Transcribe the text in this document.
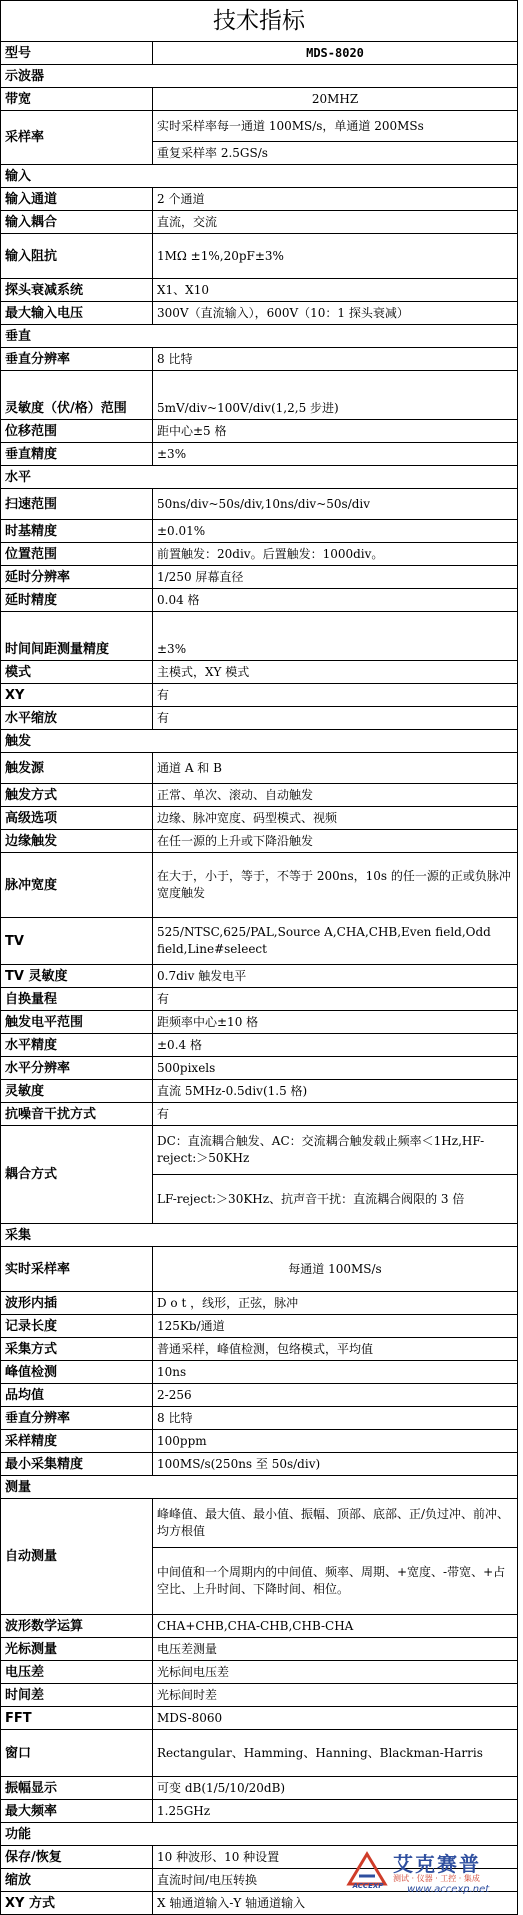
技术指标	
型号	MDS-8020
示波器	
带宽	20MHZ
采样率	实时采样率每一通道 100MS/s，单通道 200MSs
	重复采样率 2.5GS/s
输入	
输入通道	2 个通道
输入耦合	直流，交流
输入阻抗	1MΩ ±1%,20pF±3%
探头衰减系统	X1、X10
最大输入电压	300V（直流输入），600V（10：1 探头衰减）
垂直	
垂直分辨率	8 比特
灵敏度（伏/格）范围	5mV/div~100V/div(1,2,5 步进)
位移范围	距中心±5 格
垂直精度	±3%
水平	
扫速范围	50ns/div~50s/div,10ns/div~50s/div
时基精度	±0.01%
位置范围	前置触发：20div。后置触发：1000div。
延时分辨率	1/250 屏幕直径
延时精度	0.04 格
时间间距测量精度	±3%
模式	主模式，XY 模式
XY	有
水平缩放	有
触发	
触发源	通道 A 和 B
触发方式	正常、单次、滚动、自动触发
高级选项	边缘、脉冲宽度、码型模式、视频
边缘触发	在任一源的上升或下降沿触发
脉冲宽度	在大于，小于，等于，不等于 200ns，10s 的任一源的正或负脉冲宽度触发
TV	525/NTSC,625/PAL,Source A,CHA,CHB,Even field,Odd field,Line#seleect
TV 灵敏度	0.7div 触发电平
自换量程	有
触发电平范围	距频率中心±10 格
水平精度	±0.4 格
水平分辨率	500pixels
灵敏度	直流 5MHz-0.5div(1.5 格)
抗噪音干扰方式	有
耦合方式	DC：直流耦合触发、AC：交流耦合触发载止频率＜1Hz,HF-reject:＞50KHz
	LF-reject:＞30KHz、抗声音干扰：直流耦合阀限的 3 倍
采集	
实时采样率	每通道 100MS/s
波形内插	D o t ，线形，正弦，脉冲
记录长度	125Kb/通道
采集方式	普通采样，峰值检测，包络模式，平均值
峰值检测	10ns
品均值	2-256
垂直分辨率	8 比特
采样精度	100ppm
最小采集精度	100MS/s(250ns 至 50s/div)
测量	
自动测量	峰峰值、最大值、最小值、振幅、顶部、底部、正/负过冲、前冲、均方根值
	中间值和一个周期内的中间值、频率、周期、+宽度、-带宽、+占空比、上升时间、下降时间、相位。
波形数学运算	CHA+CHB,CHA-CHB,CHB-CHA
光标测量	电压差测量
电压差	光标间电压差
时间差	光标间时差
FFT	MDS-8060
窗口	Rectangular、Hamming、Hanning、Blackman-Harris
振幅显示	可变 dB(1/5/10/20dB)
最大频率	1.25GHz
功能	
保存/恢复	10 种波形、10 种设置
缩放	直流时间/电压转换
XY 方式	X 轴通道输入-Y 轴通道输入
ACCEXP
艾克赛普
测试 · 仪器 · 工控 · 集成
www.accexp.net
